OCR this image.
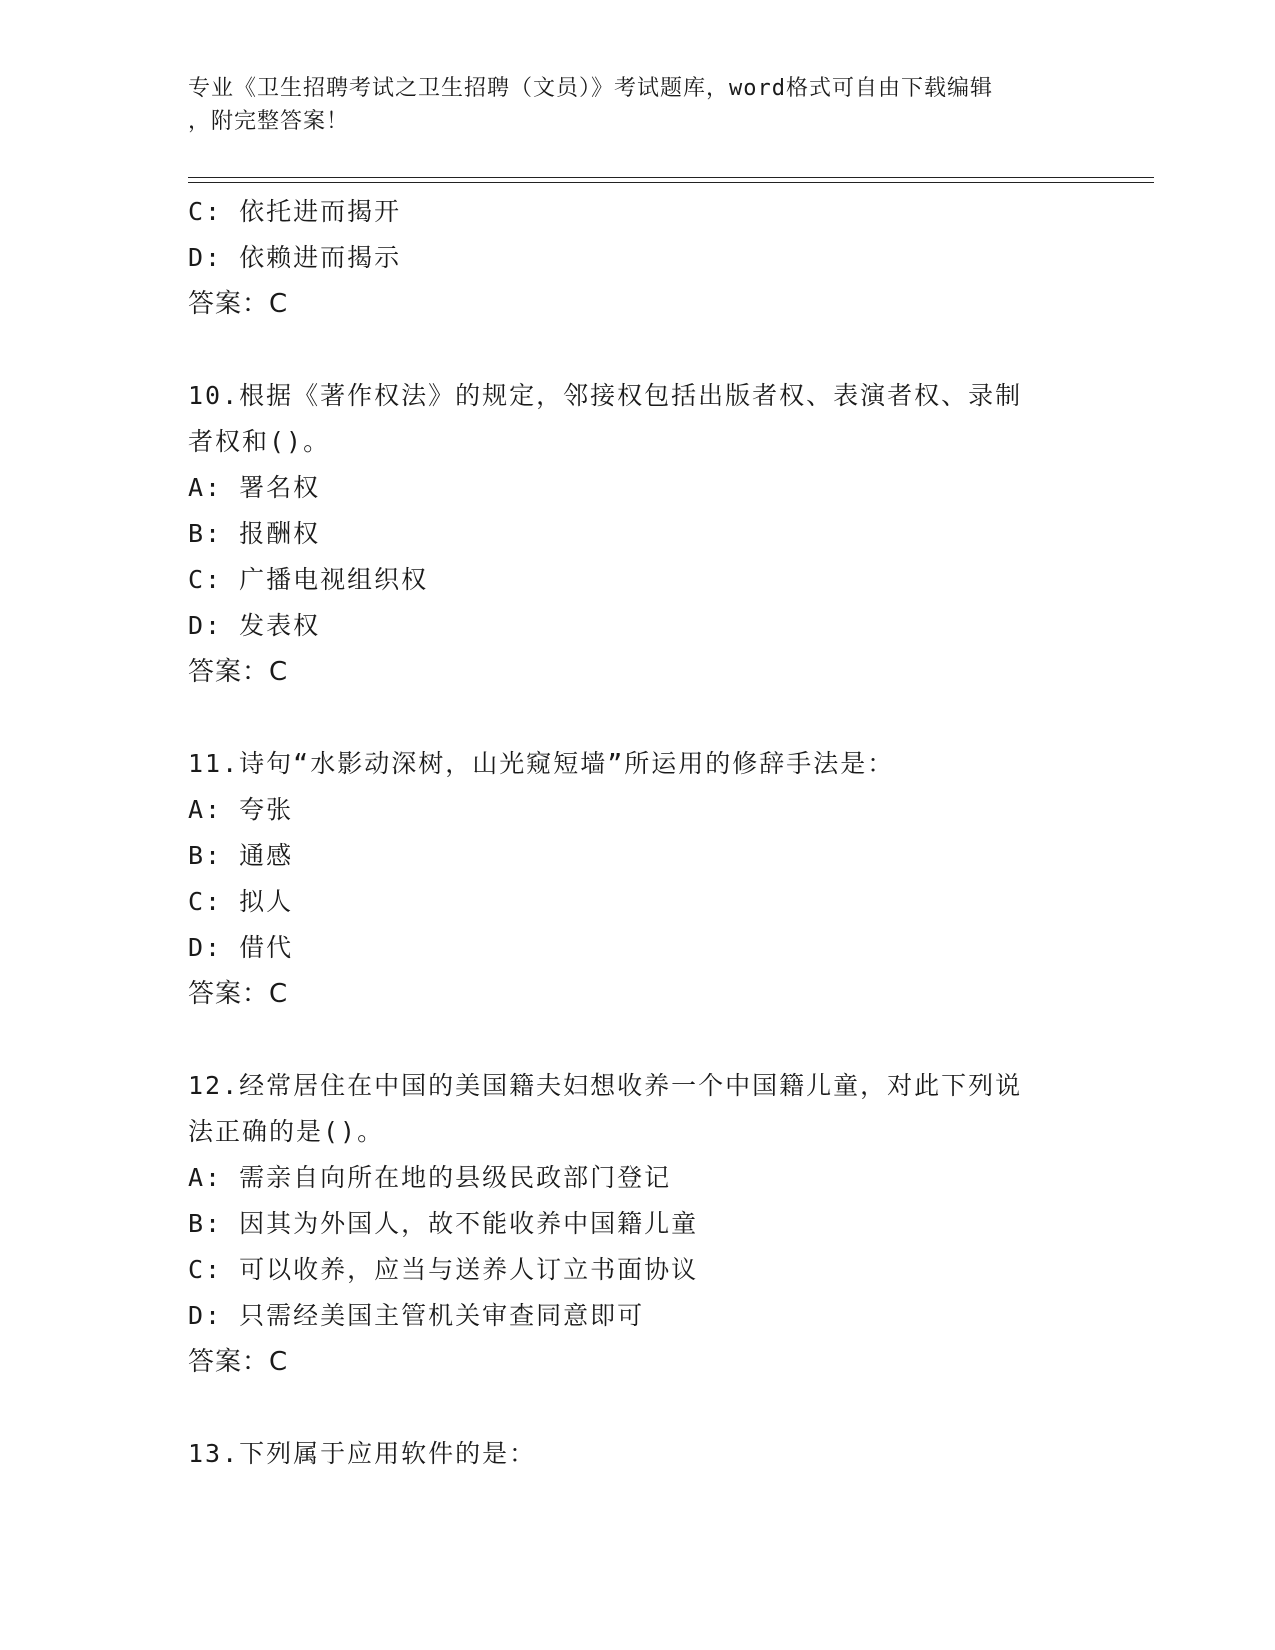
专业《卫生招聘考试之卫生招聘（文员）》考试题库，word格式可自由下载编辑
，附完整答案！
C: 依托进而揭开
D: 依赖进而揭示
答案：C
10.根据《著作权法》的规定，邻接权包括出版者权、表演者权、录制
者权和()。
A: 署名权
B: 报酬权
C: 广播电视组织权
D: 发表权
答案：C
11.诗句“水影动深树，山光窥短墙”所运用的修辞手法是：
A: 夸张
B: 通感
C: 拟人
D: 借代
答案：C
12.经常居住在中国的美国籍夫妇想收养一个中国籍儿童，对此下列说
法正确的是()。
A: 需亲自向所在地的县级民政部门登记
B: 因其为外国人，故不能收养中国籍儿童
C: 可以收养，应当与送养人订立书面协议
D: 只需经美国主管机关审查同意即可
答案：C
13.下列属于应用软件的是：
